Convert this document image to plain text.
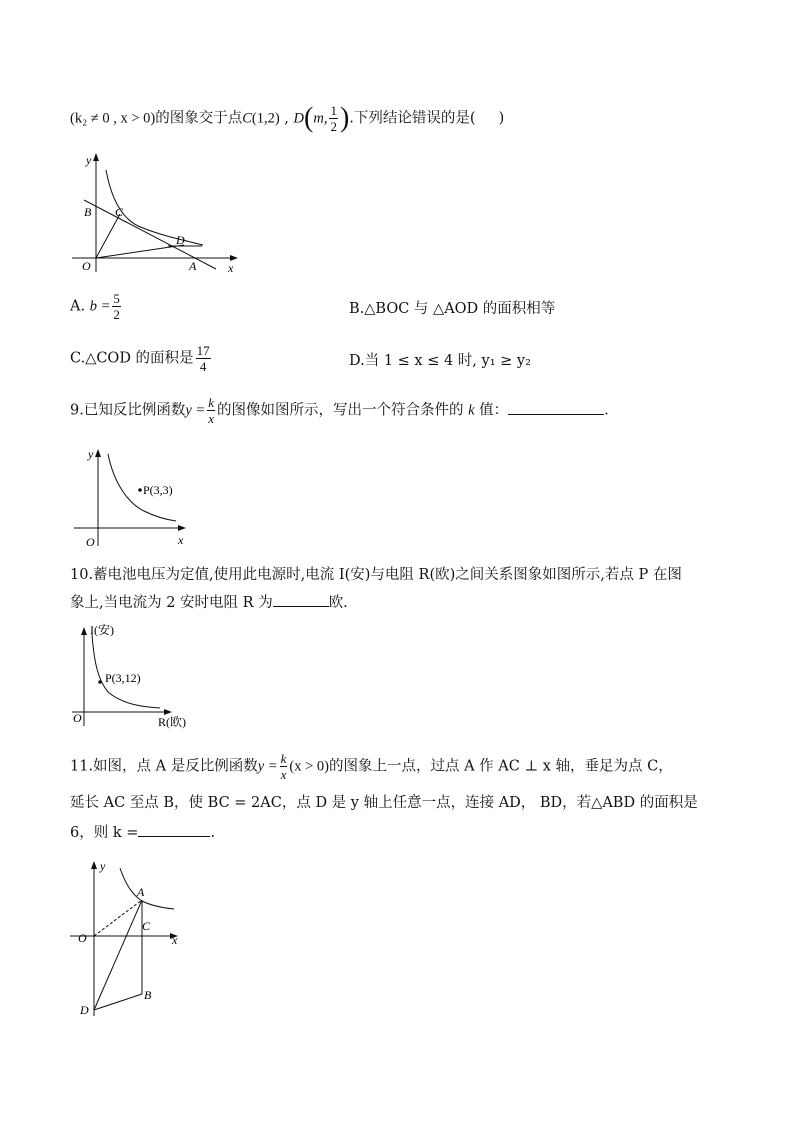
(k₂ ≠ 0 , x > 0)的图象交于点C(1,2) , D(m, $\frac{1}{2}$ ).下列结论错误的是( )
y
x
O
B C
D
A
A. $b = \frac{5}{2}$	B.△BOC 与 △AOD 的面积相等
C.△COD 的面积是 $\frac{17}{4}$	D.当 1 ≤ x ≤ 4 时, y₁ ≥ y₂
9.已知反比例函数$y = \frac{k}{x}$ 的图像如图所示，写出一个符合条件的 k 值：	.
y
x
O
P(3,3)
10.蓄电池电压为定值,使用此电源时,电流 I(安)与电阻 R(欧)之间关系图象如图所示,若点 P 在图
象上,当电流为 2 安时电阻 R 为	欧.
I(安)
R(欧)
O
P(3,12)
11.如图，点 A 是反比例函数$y = \frac{k}{x} (x > 0)$的图象上一点，过点 A 作 AC ⊥ x 轴，垂足为点 C，
延长 AC 至点 B，使 BC = 2AC，点 D 是 y 轴上任意一点，连接 AD， BD，若△ABD 的面积是
6，则 k =	.
y
x
O
A
C
B
D
